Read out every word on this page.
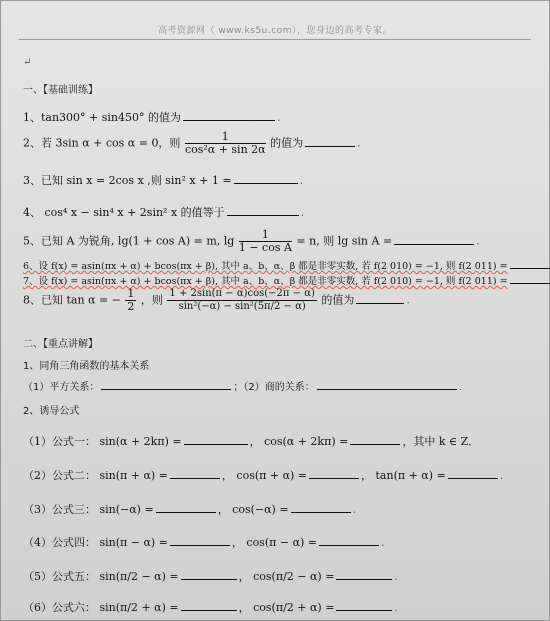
高考资源网（ www.ks5u.com），您身边的高考专家。
↵
一、【基础训练】
1、tan300° + sin450° 的值为	.
2、若 3sin α + cos α = 0，则 $\frac{1}{\text{cos²α + sin 2α}}$ 的值为	.
3、已知 sin x = 2cos x ,则 sin² x + 1 =	.
4、 cos⁴ x − sin⁴ x + 2sin² x 的值等于	.
5、已知 A 为锐角, lg(1 + cos A) = m, $\lg \frac{1}{\text{1 − cos A}} = n$, 则 lg sin A =	.
6、设 f(x) = asin(πx + α) + bcos(πx + β), 其中 a、b、α、β 都是非零实数, 若 f(2 010) = −1, 则 f(2 011) =
7、设 f(x) = asin(πx + α) + bcos(πx + β), 其中 a、b、α、β 都是非零实数, 若 f(2 010) = −1, 则 f(2 011) =
8、已知 tan α = − $\frac{1}{2}$ ，则 $\frac{1 + 2\sin(\pi - \alpha)\cos(-2\pi - \alpha)}{\text{sin²(−α) − sin²(5π/2 − α)}}$ 的值为	.
二、【重点讲解】
1、同角三角函数的基本关系
（1）平方关系：	；（2）商的关系：	.
2、诱导公式
（1）公式一： sin(α + 2kπ) =	， cos(α + 2kπ) =	，其中 k ∈ Z．
（2）公式二： sin(π + α) =	， cos(π + α) =	， tan(π + α) =	.
（3）公式三： sin(−α) =	， cos(−α) =	.
（4）公式四： sin(π − α) =	， cos(π − α) =	.
（5）公式五： sin(π/2 − α) =	， cos(π/2 − α) =	.
（6）公式六： sin(π/2 + α) =	， cos(π/2 + α) =	.
